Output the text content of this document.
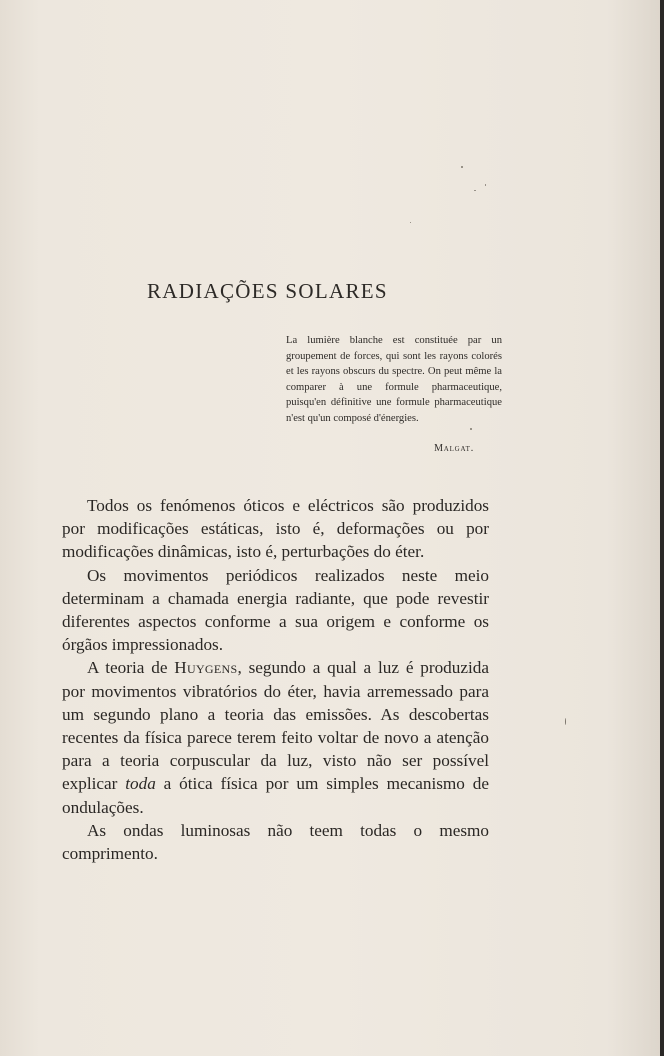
RADIAÇÕES SOLARES

La lumière blanche est constituée par un groupement de forces, qui sont les rayons colorés et les rayons obscurs du spectre. On peut même la comparer à une formule pharmaceutique, puisqu'en définitive une formule pharmaceutique n'est qu'un composé d'énergies.

Malgat.

Todos os fenómenos óticos e eléctricos são produzidos por modificações estáticas, isto é, deformações ou por modificações dinâmicas, isto é, perturbações do éter.

Os movimentos periódicos realizados neste meio determinam a chamada energia radiante, que pode revestir diferentes aspectos conforme a sua origem e conforme os órgãos impressionados.

A teoria de Huygens, segundo a qual a luz é produzida por movimentos vibratórios do éter, havia arremessado para um segundo plano a teoria das emissões. As descobertas recentes da física parece terem feito voltar de novo a atenção para a teoria corpuscular da luz, visto não ser possível explicar toda a ótica física por um simples mecanismo de ondulações.

As ondas luminosas não teem todas o mesmo comprimento.
